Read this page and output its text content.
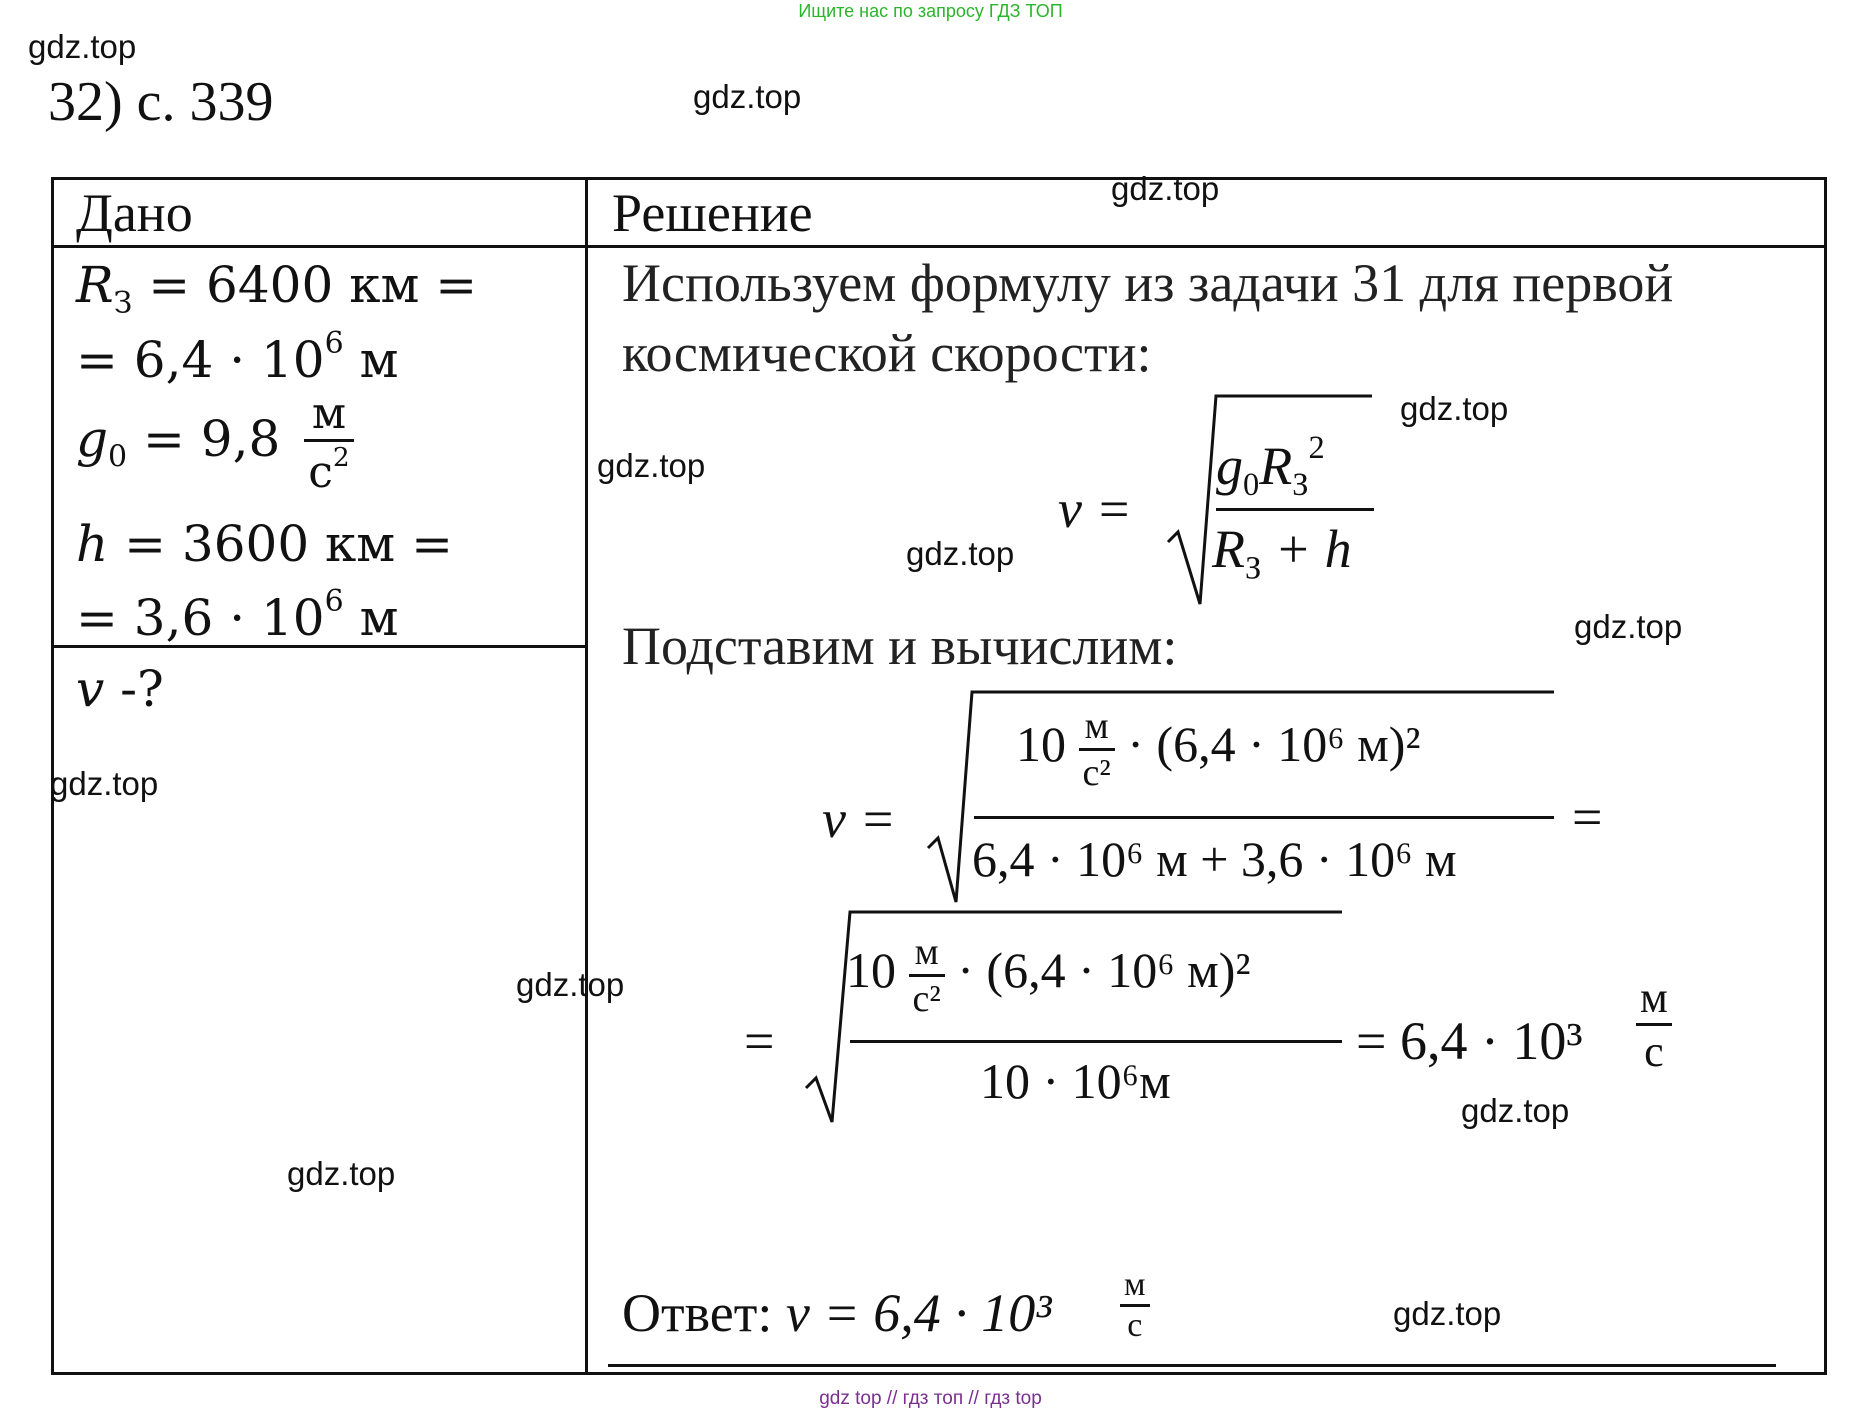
Ищите нас по запросу ГДЗ ТОП
32) с. 339
Дано	Решение
$R_З = 6400$ км =
= $6,4 \cdot 10^6$ м
$g_0 = 9,8 \frac{м}{с^2}$
h = 3600 км =
= $3,6 \cdot 10^6$ м
v -?
Используем формулу из задачи 31 для первой
космической скорости:
v =
$g_0R_З^2$
$R_З + h$
Подставим и вычислим:
v =
$10 \frac{м}{\text{с²}} \cdot (6,4 \cdot 10^6$ м)²
6,4 · 10⁶ м + 3,6 · 10⁶ м
=
=
$10 \frac{м}{\text{с²}} \cdot (6,4 \cdot 10^6$ м)²
10 · 10⁶м
= $6,4 \cdot 10^3 \frac{м}{с}$
Ответ: $v = 6,4 \cdot 10^3 \frac{м}{с}$
gdz.top
gdz.top
gdz.top
gdz.top
gdz.top
gdz.top
gdz.top
gdz.top
gdz.top
gdz.top
gdz.top
gdz.top
gdz top // гдз топ // гдз top
